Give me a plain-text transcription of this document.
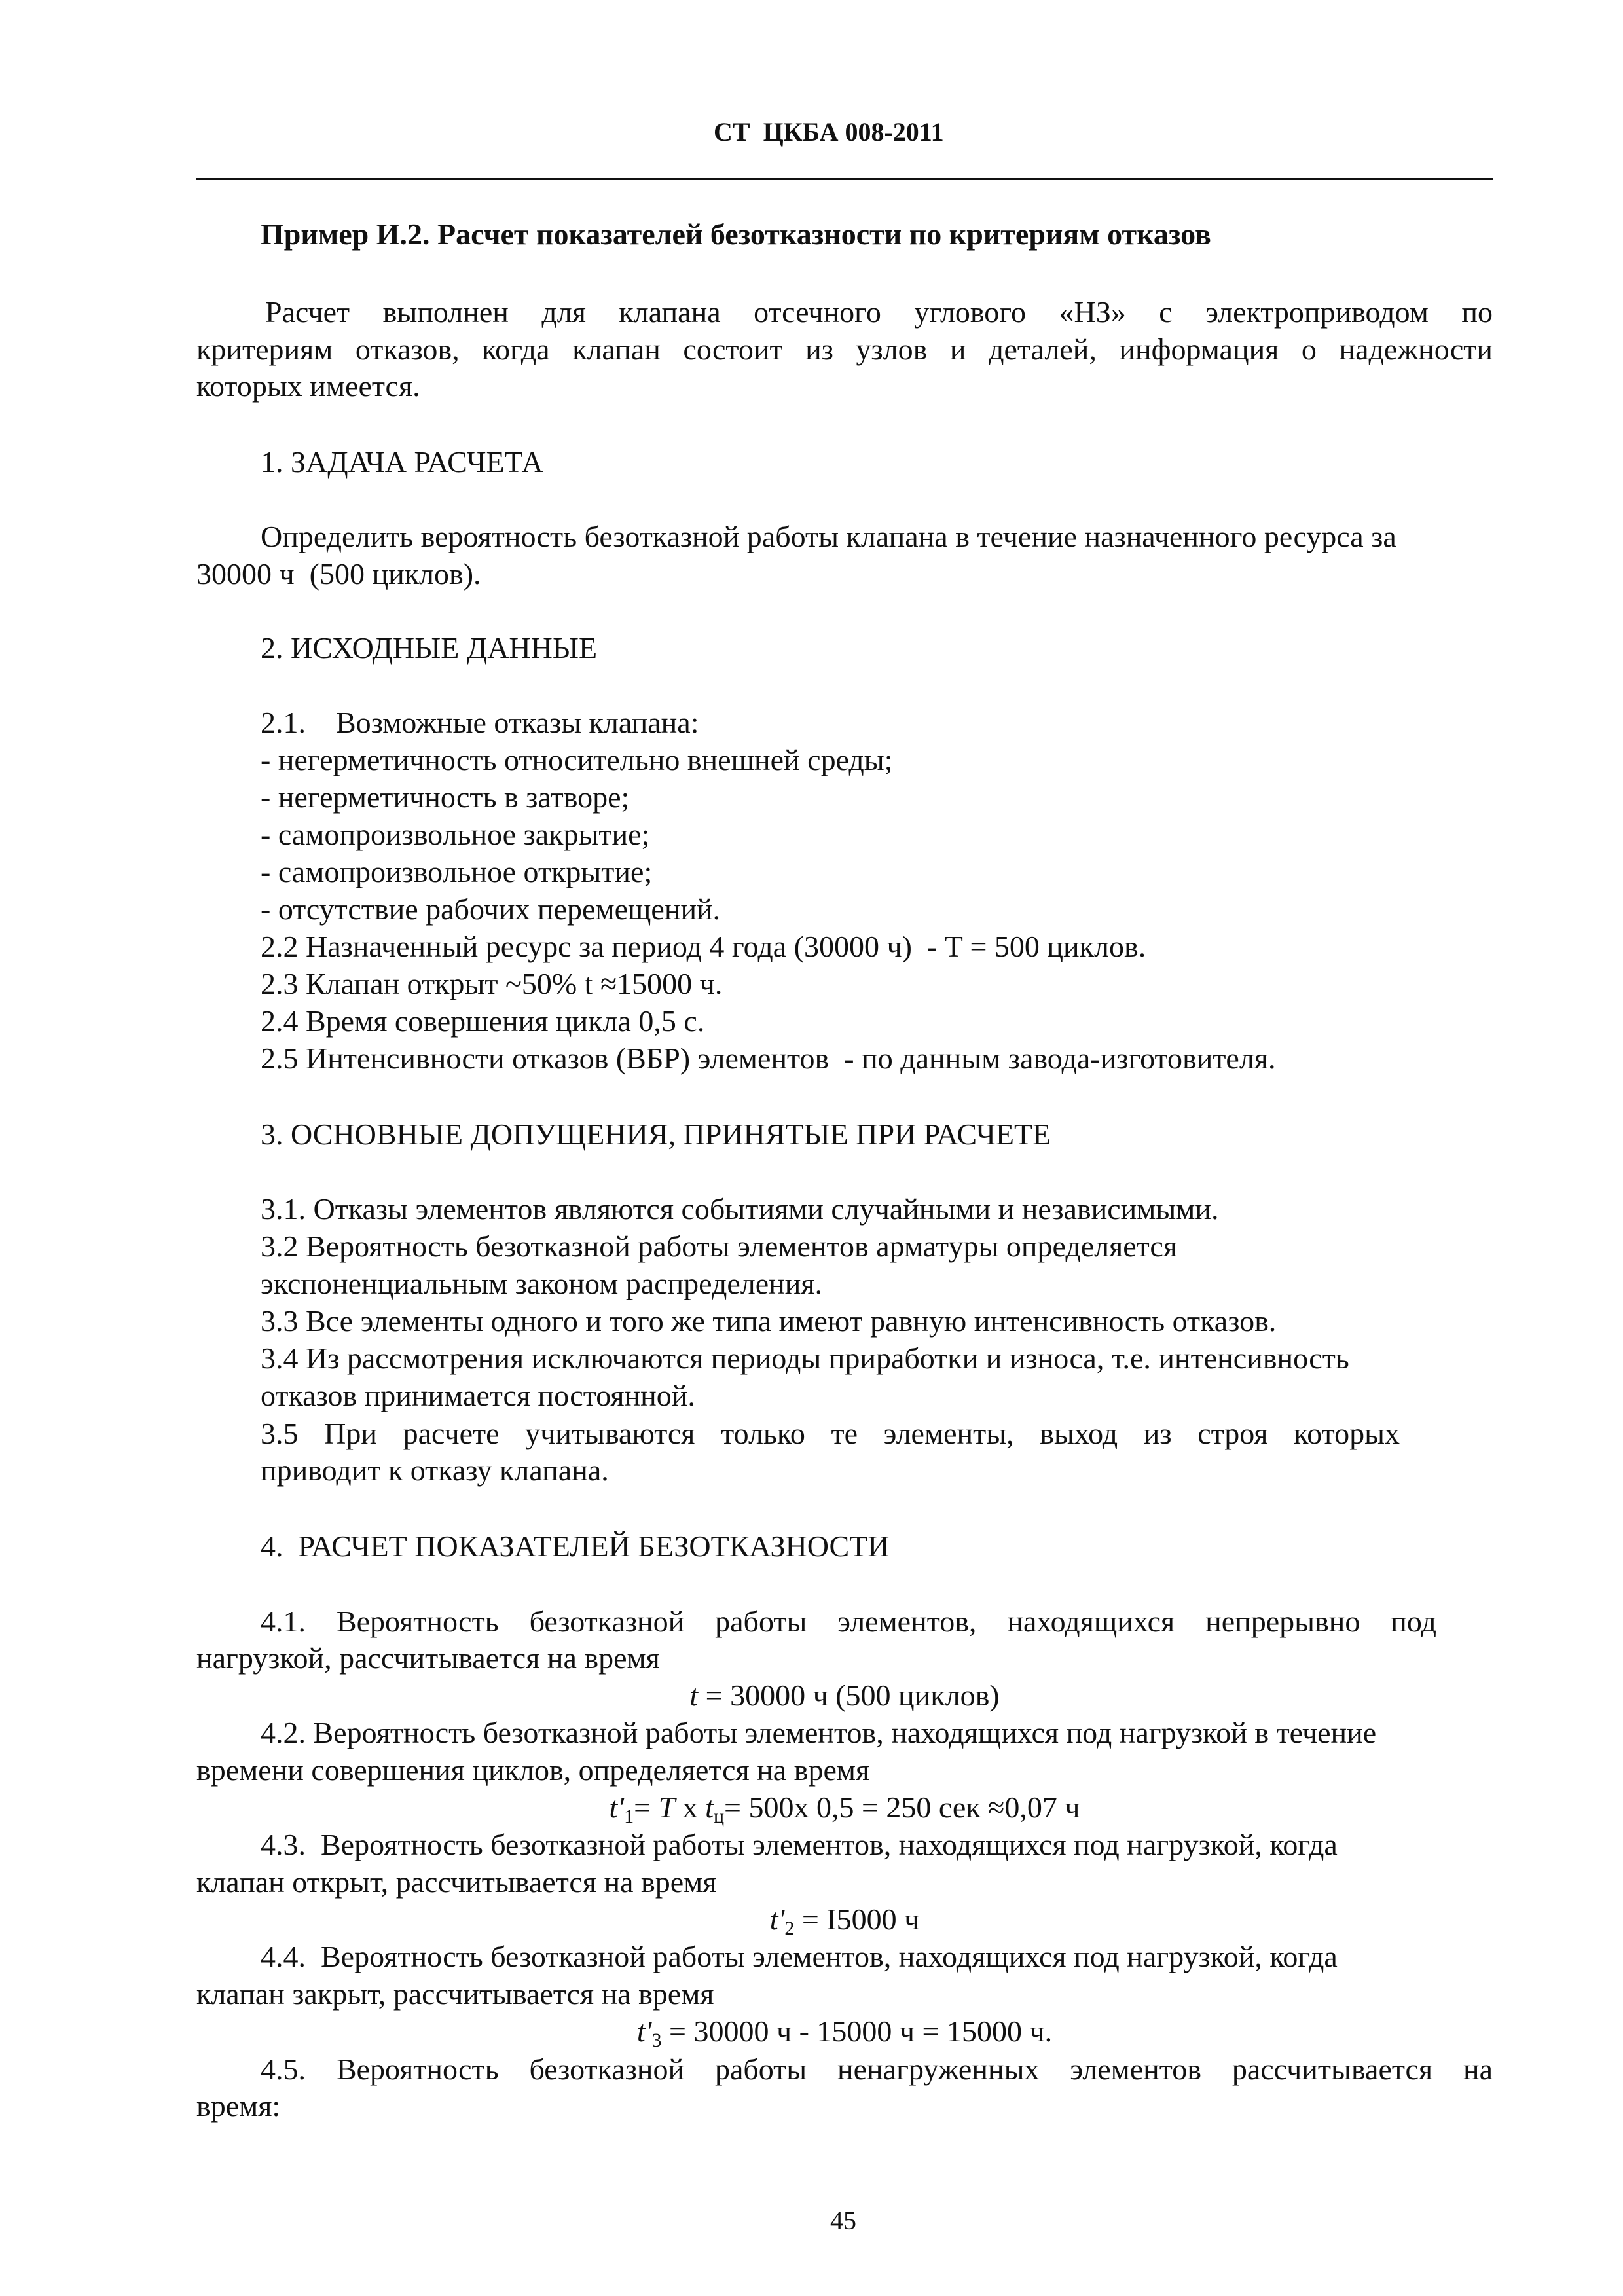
СТ  ЦКБА 008-2011
Пример И.2. Расчет показателей безотказности по критериям отказов
Расчет выполнен для клапана отсечного углового «НЗ» с электроприводом по
критериям отказов, когда клапан состоит из узлов и деталей, информация о надежности
которых имеется.
1. ЗАДАЧА РАСЧЕТА
Определить вероятность безотказной работы клапана в течение назначенного ресурса за
30000 ч  (500 циклов).
2. ИСХОДНЫЕ ДАННЫЕ
2.1.    Возможные отказы клапана:
- негерметичность относительно внешней среды;
- негерметичность в затворе;
- самопроизвольное закрытие;
- самопроизвольное открытие;
- отсутствие рабочих перемещений.
2.2 Назначенный ресурс за период 4 года (30000 ч)  - T = 500 циклов.
2.3 Клапан открыт ~50% t ≈15000 ч.
2.4 Время совершения цикла 0,5 с.
2.5 Интенсивности отказов (ВБР) элементов  - по данным завода-изготовителя.
3. ОСНОВНЫЕ ДОПУЩЕНИЯ, ПРИНЯТЫЕ ПРИ РАСЧЕТЕ
3.1. Отказы элементов являются событиями случайными и независимыми.
3.2 Вероятность безотказной работы элементов арматуры определяется
экспоненциальным законом распределения.
3.3 Все элементы одного и того же типа имеют равную интенсивность отказов.
3.4 Из рассмотрения исключаются периоды приработки и износа, т.е. интенсивность
отказов принимается постоянной.
3.5 При расчете учитываются только те элементы, выход из строя которых
приводит к отказу клапана.
4.  РАСЧЕТ ПОКАЗАТЕЛЕЙ БЕЗОТКАЗНОСТИ
4.1. Вероятность безотказной работы элементов, находящихся непрерывно под
нагрузкой, рассчитывается на время
t = 30000 ч (500 циклов)
4.2. Вероятность безотказной работы элементов, находящихся под нагрузкой в течение
времени совершения циклов, определяется на время
$t'_1= T$ x $t_ц= 500x$ 0,5 = 250 сек ≈0,07 ч
4.3.  Вероятность безотказной работы элементов, находящихся под нагрузкой, когда
клапан открыт, рассчитывается на время
$t'_2 = I5000$ ч
4.4.  Вероятность безотказной работы элементов, находящихся под нагрузкой, когда
клапан закрыт, рассчитывается на время
$t'_3 = 30000$ ч - 15000 ч = 15000 ч.
4.5. Вероятность безотказной работы ненагруженных элементов рассчитывается на
время:
45
